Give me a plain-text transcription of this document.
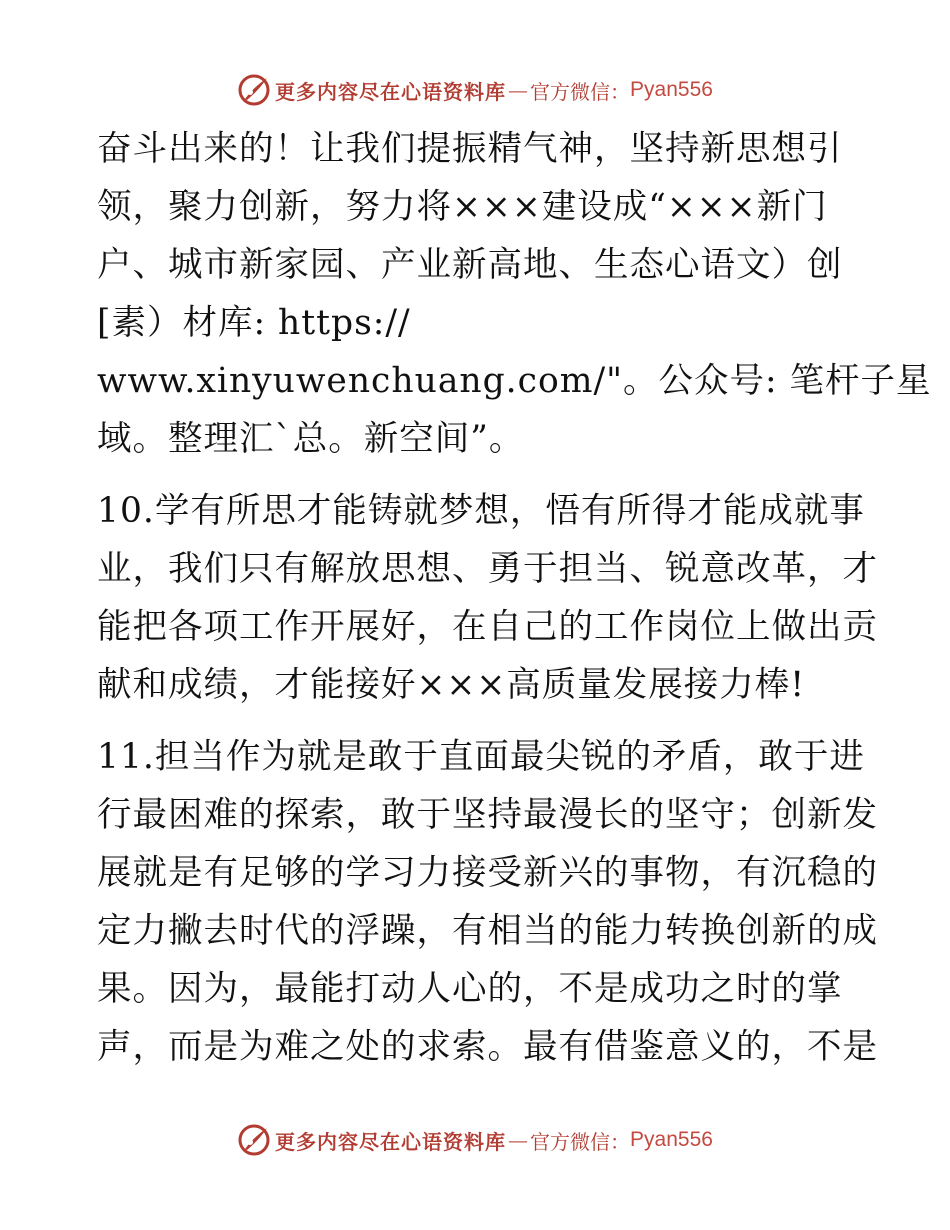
更多内容尽在心语资料库 — 官方微信： Pyan556
奋斗出来的！让我们提振精气神，坚持新思想引
领，聚力创新，努力将×××建设成“×××新门
户、城市新家园、产业新高地、生态心语文）创
[素）材库: https://
www.xinyuwenchuang.com/"。公众号: 笔杆子星
域。整理汇`总。新空间”。
10.学有所思才能铸就梦想，悟有所得才能成就事
业，我们只有解放思想、勇于担当、锐意改革，才
能把各项工作开展好，在自己的工作岗位上做出贡
献和成绩，才能接好×××高质量发展接力棒!
11.担当作为就是敢于直面最尖锐的矛盾，敢于进
行最困难的探索，敢于坚持最漫长的坚守；创新发
展就是有足够的学习力接受新兴的事物，有沉稳的
定力撇去时代的浮躁，有相当的能力转换创新的成
果。因为，最能打动人心的，不是成功之时的掌
声，而是为难之处的求索。最有借鉴意义的，不是
更多内容尽在心语资料库 — 官方微信： Pyan556
